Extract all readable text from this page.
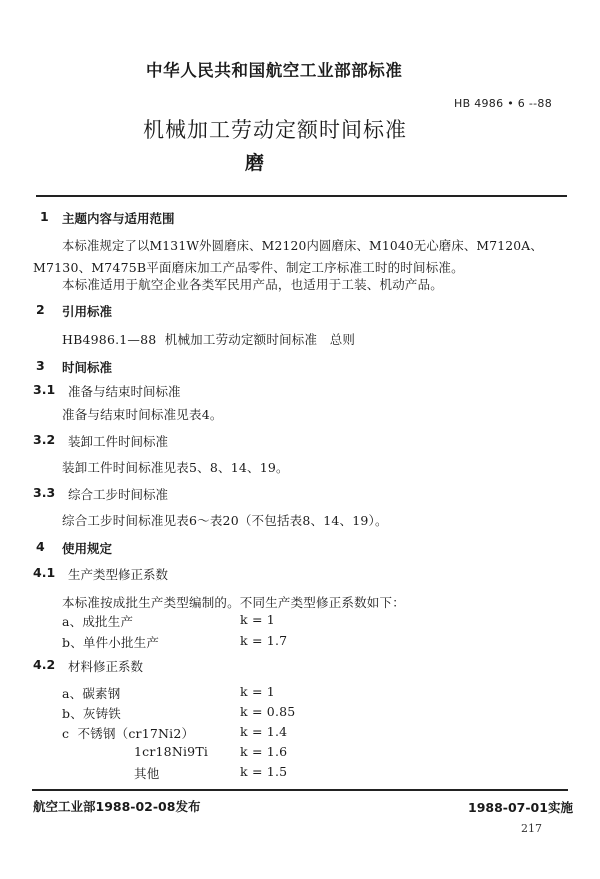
中华人民共和国航空工业部部标准
HB 4986 • 6 --88
机械加工劳动定额时间标准
磨
1 主题内容与适用范围
本标准规定了以M131W外圆磨床、M2120内圆磨床、M1040无心磨床、M7120A、
M7130、M7475B平面磨床加工产品零件、制定工序标准工时的时间标准。
本标准适用于航空企业各类军民用产品，也适用于工装、机动产品。
2 引用标准
HB4986.1—88  机械加工劳动定额时间标准   总则
3 时间标准
3.1 准备与结束时间标准
准备与结束时间标准见表4。
3.2 装卸工件时间标准
装卸工件时间标准见表5、8、14、19。
3.3 综合工步时间标准
综合工步时间标准见表6～表20（不包括表8、14、19）。
4 使用规定
4.1 生产类型修正系数
本标准按成批生产类型编制的。不同生产类型修正系数如下：
a、成批生产	k = 1
b、单件小批生产	k = 1.7
4.2 材料修正系数
a、碳素钢	k = 1
b、灰铸铁	k = 0.85
c  不锈钢（cr17Ni2）	k = 1.4
1cr18Ni9Ti	k = 1.6
其他	k = 1.5
航空工业部1988-02-08发布	1988-07-01实施
217
